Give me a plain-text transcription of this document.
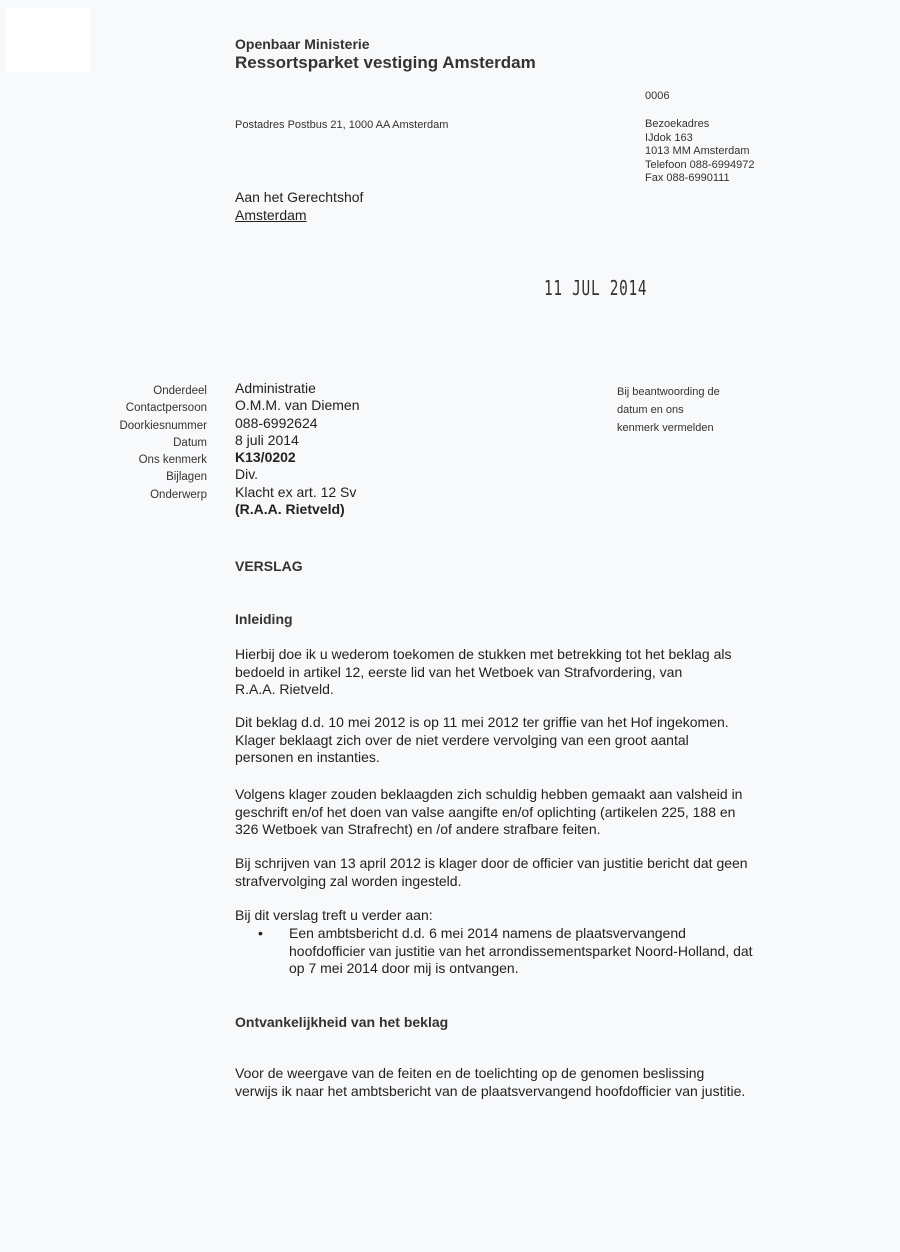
Openbaar Ministerie
Ressortsparket vestiging Amsterdam
Postadres Postbus 21, 1000 AA Amsterdam
0006
Bezoekadres
IJdok 163
1013 MM Amsterdam
Telefoon 088-6994972
Fax 088-6990111
Aan het Gerechtshof
Amsterdam
11 JUL 2014
Onderdeel
Contactpersoon
Doorkiesnummer
Datum
Ons kenmerk
Bijlagen
Onderwerp
Administratie
O.M.M. van Diemen
088-6992624
8 juli 2014
K13/0202
Div.
Klacht ex art. 12 Sv
(R.A.A. Rietveld)
Bij beantwoording de
datum en ons
kenmerk vermelden
VERSLAG
Inleiding
Hierbij doe ik u wederom toekomen de stukken met betrekking tot het beklag als
bedoeld in artikel 12, eerste lid van het Wetboek van Strafvordering, van
R.A.A. Rietveld.
Dit beklag d.d. 10 mei 2012 is op 11 mei 2012 ter griffie van het Hof ingekomen.
Klager beklaagt zich over de niet verdere vervolging van een groot aantal
personen en instanties.
Volgens klager zouden beklaagden zich schuldig hebben gemaakt aan valsheid in
geschrift en/of het doen van valse aangifte en/of oplichting (artikelen 225, 188 en
326 Wetboek van Strafrecht) en /of andere strafbare feiten.
Bij schrijven van 13 april 2012 is klager door de officier van justitie bericht dat geen
strafvervolging zal worden ingesteld.
Bij dit verslag treft u verder aan:
• Een ambtsbericht d.d. 6 mei 2014 namens de plaatsvervangend
hoofdofficier van justitie van het arrondissementsparket Noord-Holland, dat
op 7 mei 2014 door mij is ontvangen.
Ontvankelijkheid van het beklag
Voor de weergave van de feiten en de toelichting op de genomen beslissing
verwijs ik naar het ambtsbericht van de plaatsvervangend hoofdofficier van justitie.
